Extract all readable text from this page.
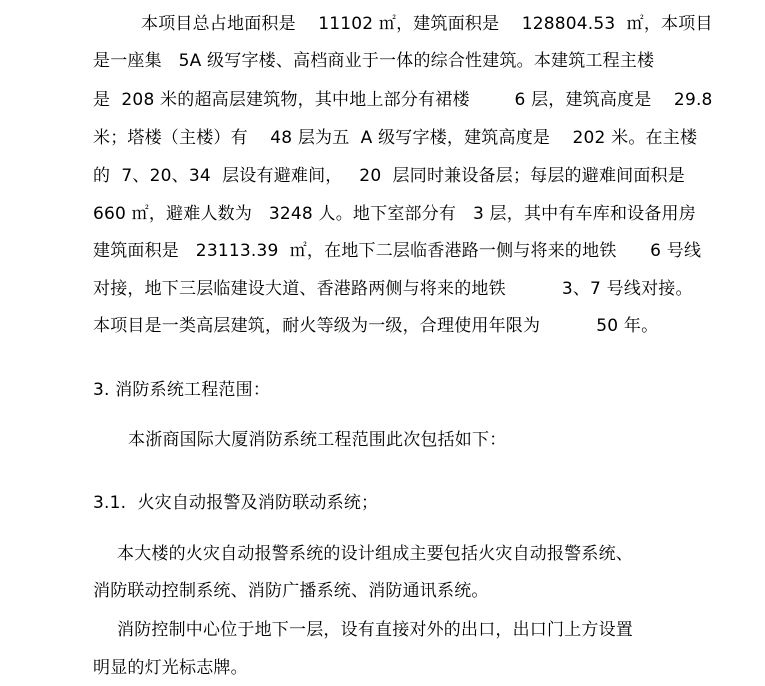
本项目总占地面积是    11102 ㎡，建筑面积是    128804.53  ㎡，本项目
是一座集   5A 级写字楼、高档商业于一体的综合性建筑。本建筑工程主楼
是  208 米的超高层建筑物，其中地上部分有裙楼        6 层，建筑高度是    29.8
米；塔楼（主楼）有    48 层为五  A 级写字楼，建筑高度是    202 米。在主楼
的  7、20、34  层设有避难间，   20  层同时兼设备层；每层的避难间面积是
660 ㎡，避难人数为   3248 人。地下室部分有   3 层，其中有车库和设备用房
建筑面积是   23113.39  ㎡，在地下二层临香港路一侧与将来的地铁      6 号线
对接，地下三层临建设大道、香港路两侧与将来的地铁          3、7 号线对接。
本项目是一类高层建筑，耐火等级为一级，合理使用年限为          50 年。
3. 消防系统工程范围：
本浙商国际大厦消防系统工程范围此次包括如下：
3.1.  火灾自动报警及消防联动系统；
本大楼的火灾自动报警系统的设计组成主要包括火灾自动报警系统、
消防联动控制系统、消防广播系统、消防通讯系统。
消防控制中心位于地下一层，设有直接对外的出口，出口门上方设置
明显的灯光标志牌。
